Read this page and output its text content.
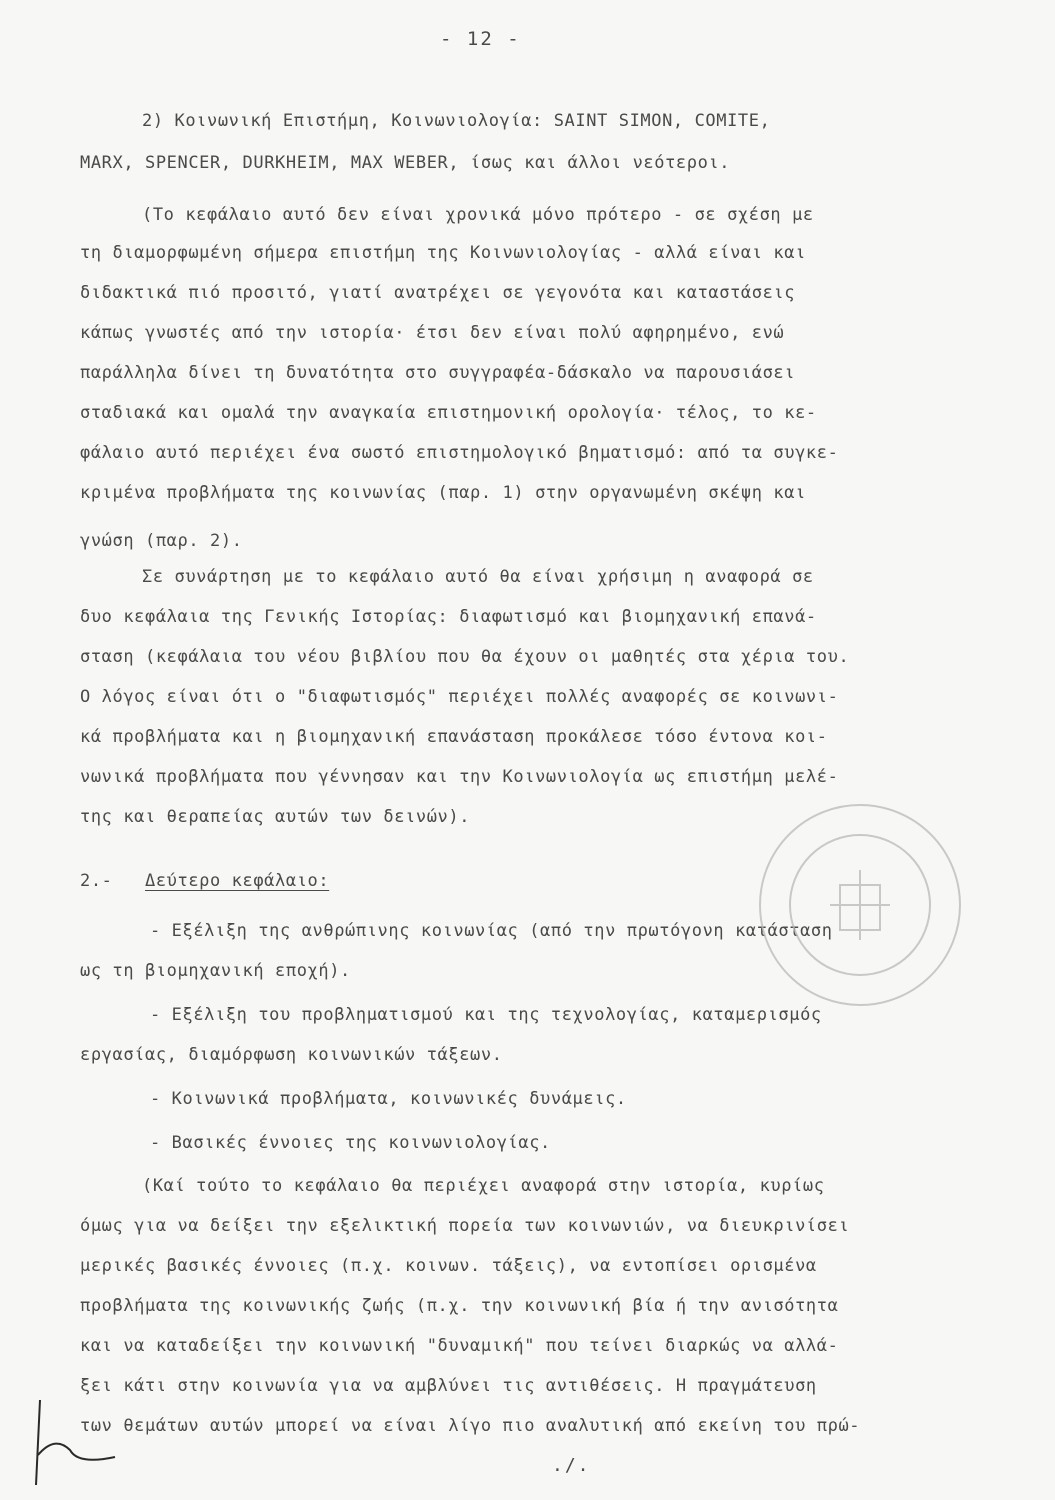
- 12 -
2) Κοινωνική Επιστήμη, Κοινωνιολογία: SAINT SIMON, COMITE,
MARX, SPENCER, DURKHEIM, MAX WEBER, ίσως και άλλοι νεότεροι.
(Το κεφάλαιο αυτό δεν είναι χρονικά μόνο πρότερο - σε σχέση με
τη διαμορφωμένη σήμερα επιστήμη της Κοινωνιολογίας - αλλά είναι και
διδακτικά πιό προσιτό, γιατί ανατρέχει σε γεγονότα και καταστάσεις
κάπως γνωστές από την ιστορία· έτσι δεν είναι πολύ αφηρημένο, ενώ
παράλληλα δίνει τη δυνατότητα στο συγγραφέα-δάσκαλο να παρουσιάσει
σταδιακά και ομαλά την αναγκαία επιστημονική ορολογία· τέλος, το κε-
φάλαιο αυτό περιέχει ένα σωστό επιστημολογικό βηματισμό: από τα συγκε-
κριμένα προβλήματα της κοινωνίας (παρ. 1) στην οργανωμένη σκέψη και
γνώση (παρ. 2).
Σε συνάρτηση με το κεφάλαιο αυτό θα είναι χρήσιμη η αναφορά σε
δυο κεφάλαια της Γενικής Ιστορίας: διαφωτισμό και βιομηχανική επανά-
σταση (κεφάλαια του νέου βιβλίου που θα έχουν οι μαθητές στα χέρια του.
Ο λόγος είναι ότι ο "διαφωτισμός" περιέχει πολλές αναφορές σε κοινωνι-
κά προβλήματα και η βιομηχανική επανάσταση προκάλεσε τόσο έντονα κοι-
νωνικά προβλήματα που γέννησαν και την Κοινωνιολογία ως επιστήμη μελέ-
της και θεραπείας αυτών των δεινών).
2.- Δεύτερο κεφάλαιο:
- Εξέλιξη της ανθρώπινης κοινωνίας (από την πρωτόγονη κατάσταση
ως τη βιομηχανική εποχή).
- Εξέλιξη του προβληματισμού και της τεχνολογίας, καταμερισμός
εργασίας, διαμόρφωση κοινωνικών τάξεων.
- Κοινωνικά προβλήματα, κοινωνικές δυνάμεις.
- Βασικές έννοιες της κοινωνιολογίας.
(Καί τούτο το κεφάλαιο θα περιέχει αναφορά στην ιστορία, κυρίως
όμως για να δείξει την εξελικτική πορεία των κοινωνιών, να διευκρινίσει
μερικές βασικές έννοιες (π.χ. κοινων. τάξεις), να εντοπίσει ορισμένα
προβλήματα της κοινωνικής ζωής (π.χ. την κοινωνική βία ή την ανισότητα
και να καταδείξει την κοινωνική "δυναμική" που τείνει διαρκώς να αλλά-
ξει κάτι στην κοινωνία για να αμβλύνει τις αντιθέσεις. Η πραγμάτευση
των θεμάτων αυτών μπορεί να είναι λίγο πιο αναλυτική από εκείνη του πρώ-
./.
